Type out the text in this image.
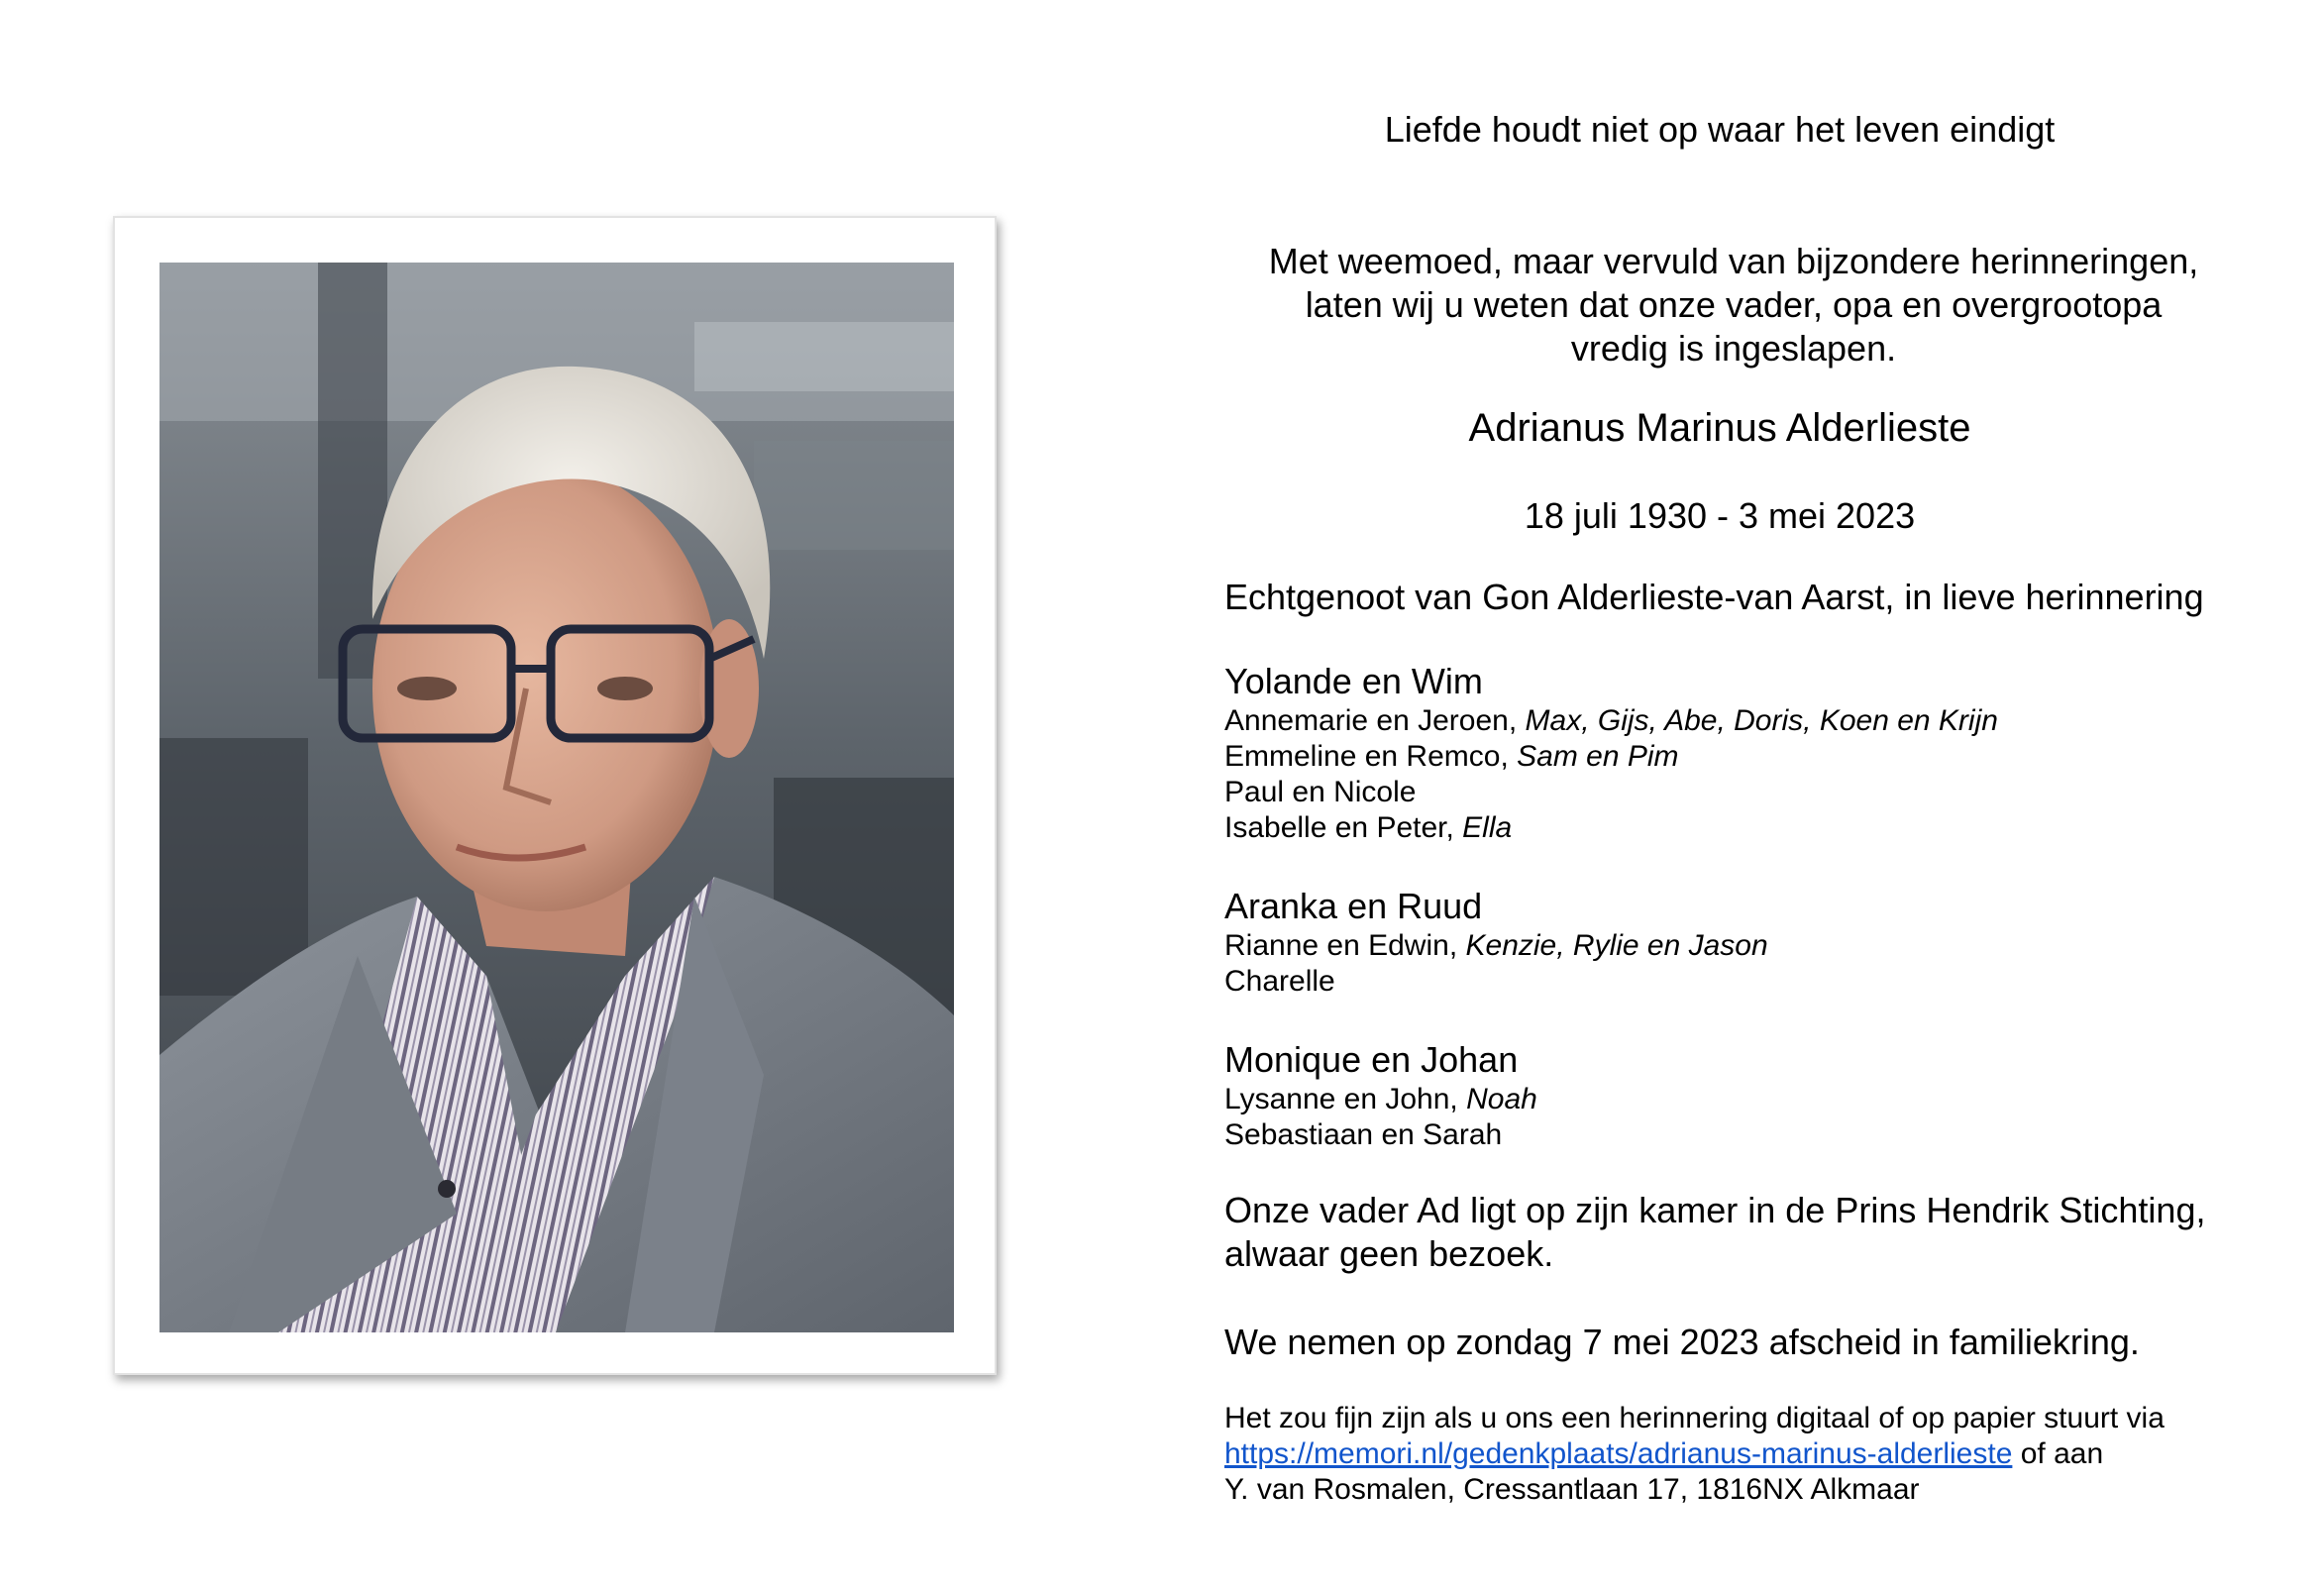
Liefde houdt niet op waar het leven eindigt
Met weemoed, maar vervuld van bijzondere herinneringen,
laten wij u weten dat onze vader, opa en overgrootopa
vredig is ingeslapen.
Adrianus Marinus Alderlieste
18 juli 1930 - 3 mei 2023
Echtgenoot van Gon Alderlieste-van Aarst, in lieve herinnering
Yolande en Wim
Annemarie en Jeroen, Max, Gijs, Abe, Doris, Koen en Krijn
Emmeline en Remco, Sam en Pim
Paul en Nicole
Isabelle en Peter, Ella
Aranka en Ruud
Rianne en Edwin, Kenzie, Rylie en Jason
Charelle
Monique en Johan
Lysanne en John, Noah
Sebastiaan en Sarah
Onze vader Ad ligt op zijn kamer in de Prins Hendrik Stichting,
alwaar geen bezoek.
We nemen op zondag 7 mei 2023 afscheid in familiekring.
Het zou fijn zijn als u ons een herinnering digitaal of op papier stuurt via
https://memori.nl/gedenkplaats/adrianus-marinus-alderlieste of aan
Y. van Rosmalen, Cressantlaan 17, 1816NX Alkmaar
